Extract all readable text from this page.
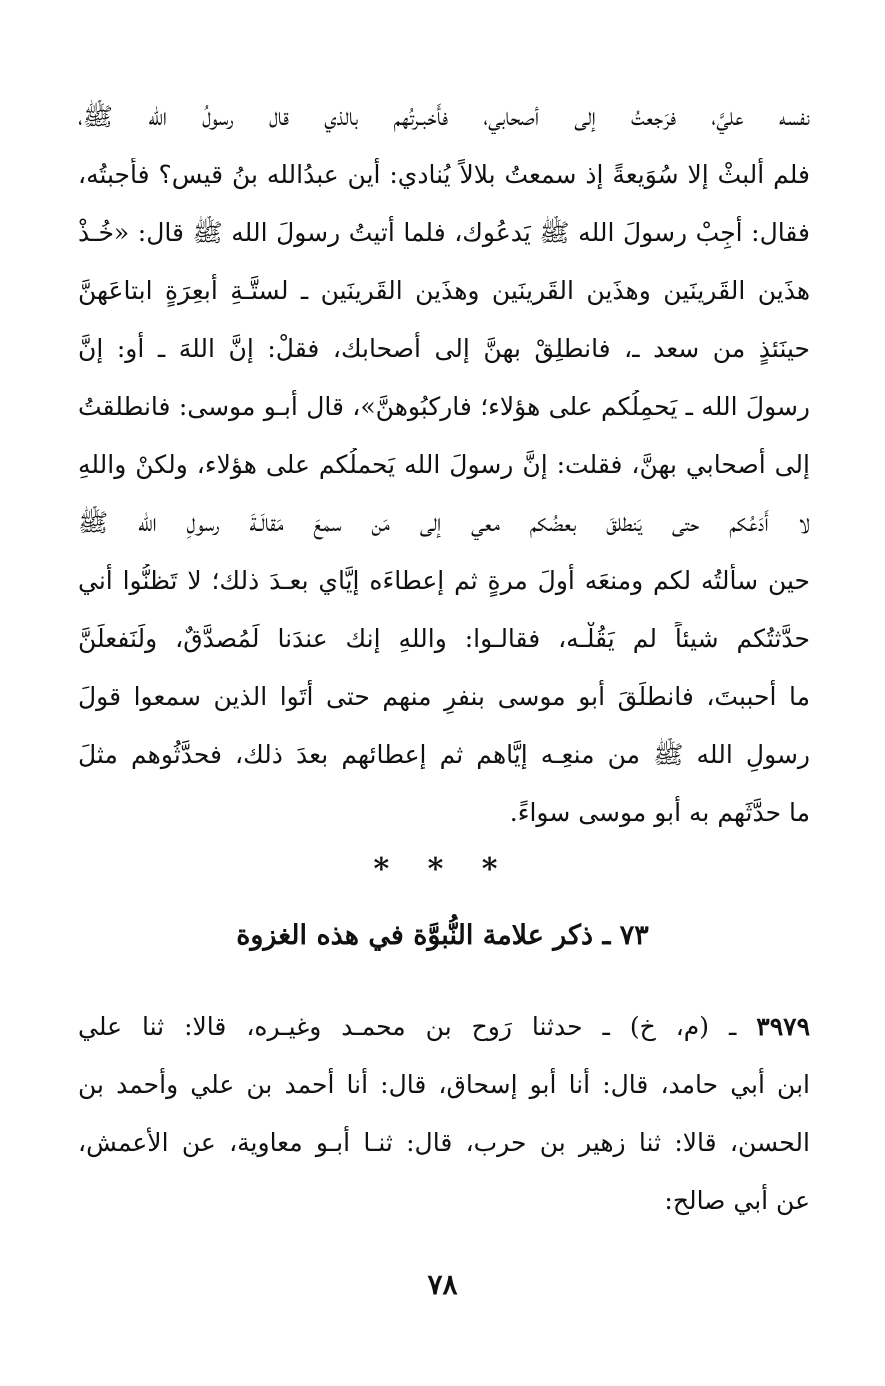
نفسه عليَّ، فرَجعتُ إلى أصحابي، فأَخبـرتُهم بالذي قال رسولُ الله ﷺ،
فلم أَلبثْ إلا سُوَيعةً إذ سمعتُ بلالاً يُنادي: أين عبدُالله بنُ قيس؟ فأَجبتُه،
فقال: أَجِبْ رسولَ الله ﷺ يَدعُوك، فلما أَتيتُ رسولَ الله ﷺ قال: «خُـذْ
هذَين القَرينَين وهذَين القَرينَين وهذَين القَرينَين ـ لستَّـةِ أَبعِرَةٍ ابتاعَهنَّ
حينَئذٍ من سعد ـ، فانطلِقْ بهنَّ إلى أصحابك، فقلْ: إنَّ اللهَ ـ أو: إنَّ
رسولَ الله ـ يَحمِلُكم على هؤلاء؛ فاركبُوهنَّ»، قال أَبـو موسى: فانطلقتُ
إلى أصحابي بهنَّ، فقلت: إنَّ رسولَ الله يَحملُكم على هؤلاء، ولكنْ واللهِ
لا أَدَعُكم حتى يَنطلقَ بعضُكم معي إلى مَن سمعَ مَقالَـةَ رسولِ الله ﷺ
حين سألتُه لكم ومنعَه أولَ مرةٍ ثم إعطاءَه إيَّاي بعـدَ ذلك؛ لا تَظنُّوا أني
حدَّثتُكم شيئاً لم يَقُلْـه، فقالـوا: واللهِ إنك عندَنا لَمُصدَّقٌ، ولَنَفعلَنَّ
ما أَحببتَ، فانطلَقَ أبو موسى بنفرٍ منهم حتى أَتَوا الذين سمعوا قولَ
رسولِ الله ﷺ من منعِـه إيَّاهم ثم إعطائهم بعدَ ذلك، فحدَّثُوهم مثلَ
ما حدَّثَهم به أبو موسى سواءً.
* * *
٧٣ ـ ذكر علامة النُّبوَّة في هذه الغزوة
٣٩٧٩ ـ (م، خ) ـ حدثنا رَوح بن محمـد وغيـره، قالا: ثنا علي
ابن أبي حامد، قال: أنا أبو إسحاق، قال: أنا أحمد بن علي وأحمد بن
الحسن، قالا: ثنا زهير بن حرب، قال: ثنـا أَبـو معاوية، عن الأعمش،
عن أبي صالح:
٧٨
